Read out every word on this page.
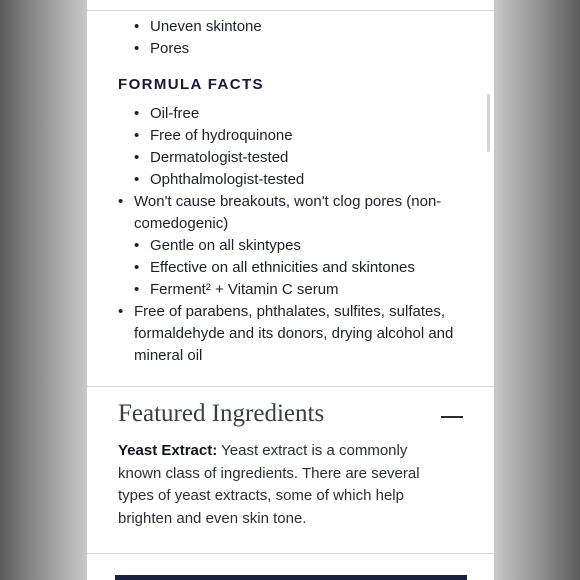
• Uneven skintone
• Pores
FORMULA FACTS
• Oil-free
• Free of hydroquinone
• Dermatologist-tested
• Ophthalmologist-tested
• Won't cause breakouts, won't clog pores (non-comedogenic)
• Gentle on all skintypes
• Effective on all ethnicities and skintones
• Ferment² + Vitamin C serum
• Free of parabens, phthalates, sulfites, sulfates, formaldehyde and its donors, drying alcohol and mineral oil
Featured Ingredients

Yeast Extract: Yeast extract is a commonly known class of ingredients. There are several types of yeast extracts, some of which help brighten and even skin tone.
